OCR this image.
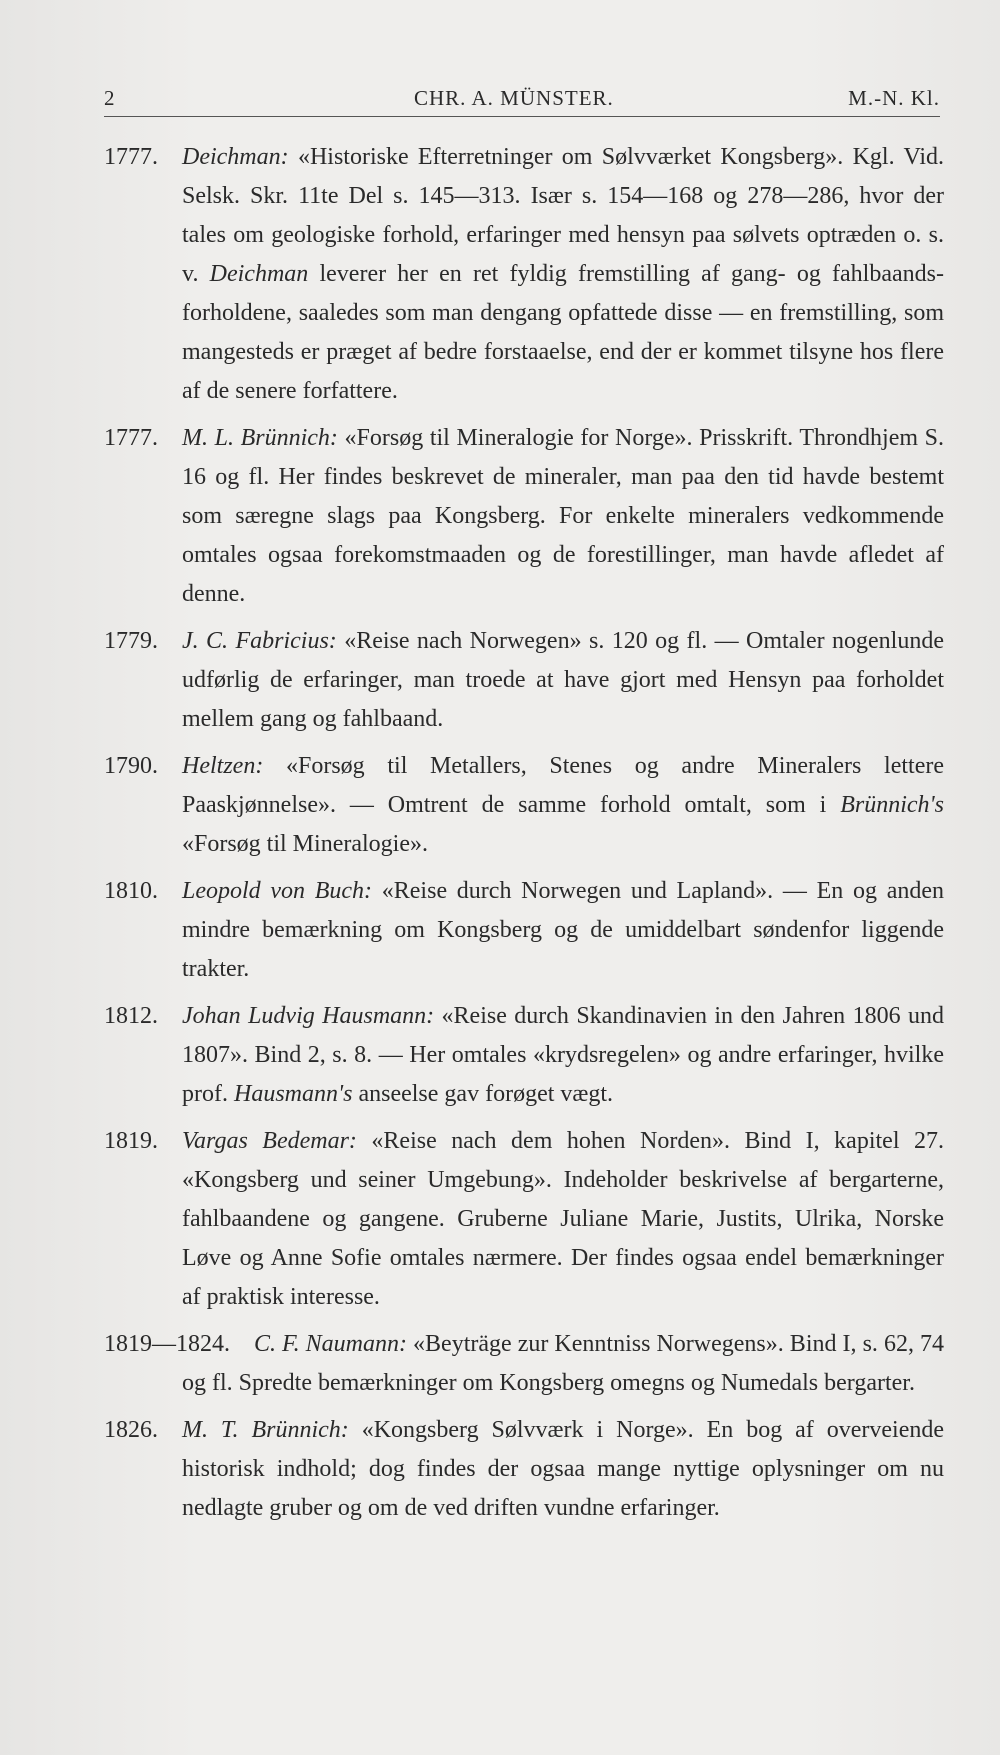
2	CHR. A. MÜNSTER.	M.-N. Kl.
1777. Deichman: «Historiske Efterretninger om Sølvværket Kongsberg». Kgl. Vid. Selsk. Skr. 11te Del s. 145—313. Især s. 154—168 og 278—286, hvor der tales om geologiske forhold, erfaringer med hensyn paa sølvets optræden o. s. v. Deichman leverer her en ret fyldig fremstilling af gang- og fahlbaands-forholdene, saaledes som man dengang opfattede disse — en fremstilling, som mangesteds er præget af bedre forstaaelse, end der er kommet tilsyne hos flere af de senere forfattere.

1777. M. L. Brünnich: «Forsøg til Mineralogie for Norge». Prisskrift. Throndhjem S. 16 og fl. Her findes beskrevet de mineraler, man paa den tid havde bestemt som særegne slags paa Kongsberg. For enkelte mineralers vedkommende omtales ogsaa forekomstmaaden og de forestillinger, man havde afledet af denne.

1779. J. C. Fabricius: «Reise nach Norwegen» s. 120 og fl. — Omtaler nogenlunde udførlig de erfaringer, man troede at have gjort med Hensyn paa forholdet mellem gang og fahlbaand.

1790. Heltzen: «Forsøg til Metallers, Stenes og andre Mineralers lettere Paaskjønnelse». — Omtrent de samme forhold omtalt, som i Brünnich's «Forsøg til Mineralogie».

1810. Leopold von Buch: «Reise durch Norwegen und Lapland». — En og anden mindre bemærkning om Kongsberg og de umiddelbart søndenfor liggende trakter.

1812. Johan Ludvig Hausmann: «Reise durch Skandinavien in den Jahren 1806 und 1807». Bind 2, s. 8. — Her omtales «krydsregelen» og andre erfaringer, hvilke prof. Hausmann's anseelse gav forøget vægt.

1819. Vargas Bedemar: «Reise nach dem hohen Norden». Bind I, kapitel 27. «Kongsberg und seiner Umgebung». Indeholder beskrivelse af bergarterne, fahlbaandene og gangene. Gruberne Juliane Marie, Justits, Ulrika, Norske Løve og Anne Sofie omtales nærmere. Der findes ogsaa endel bemærkninger af praktisk interesse.

1819—1824. C. F. Naumann: «Beyträge zur Kenntniss Norwegens». Bind I, s. 62, 74 og fl. Spredte bemærkninger om Kongsberg omegns og Numedals bergarter.

1826. M. T. Brünnich: «Kongsberg Sølvværk i Norge». En bog af overveiende historisk indhold; dog findes der ogsaa mange nyttige oplysninger om nu nedlagte gruber og om de ved driften vundne erfaringer.
